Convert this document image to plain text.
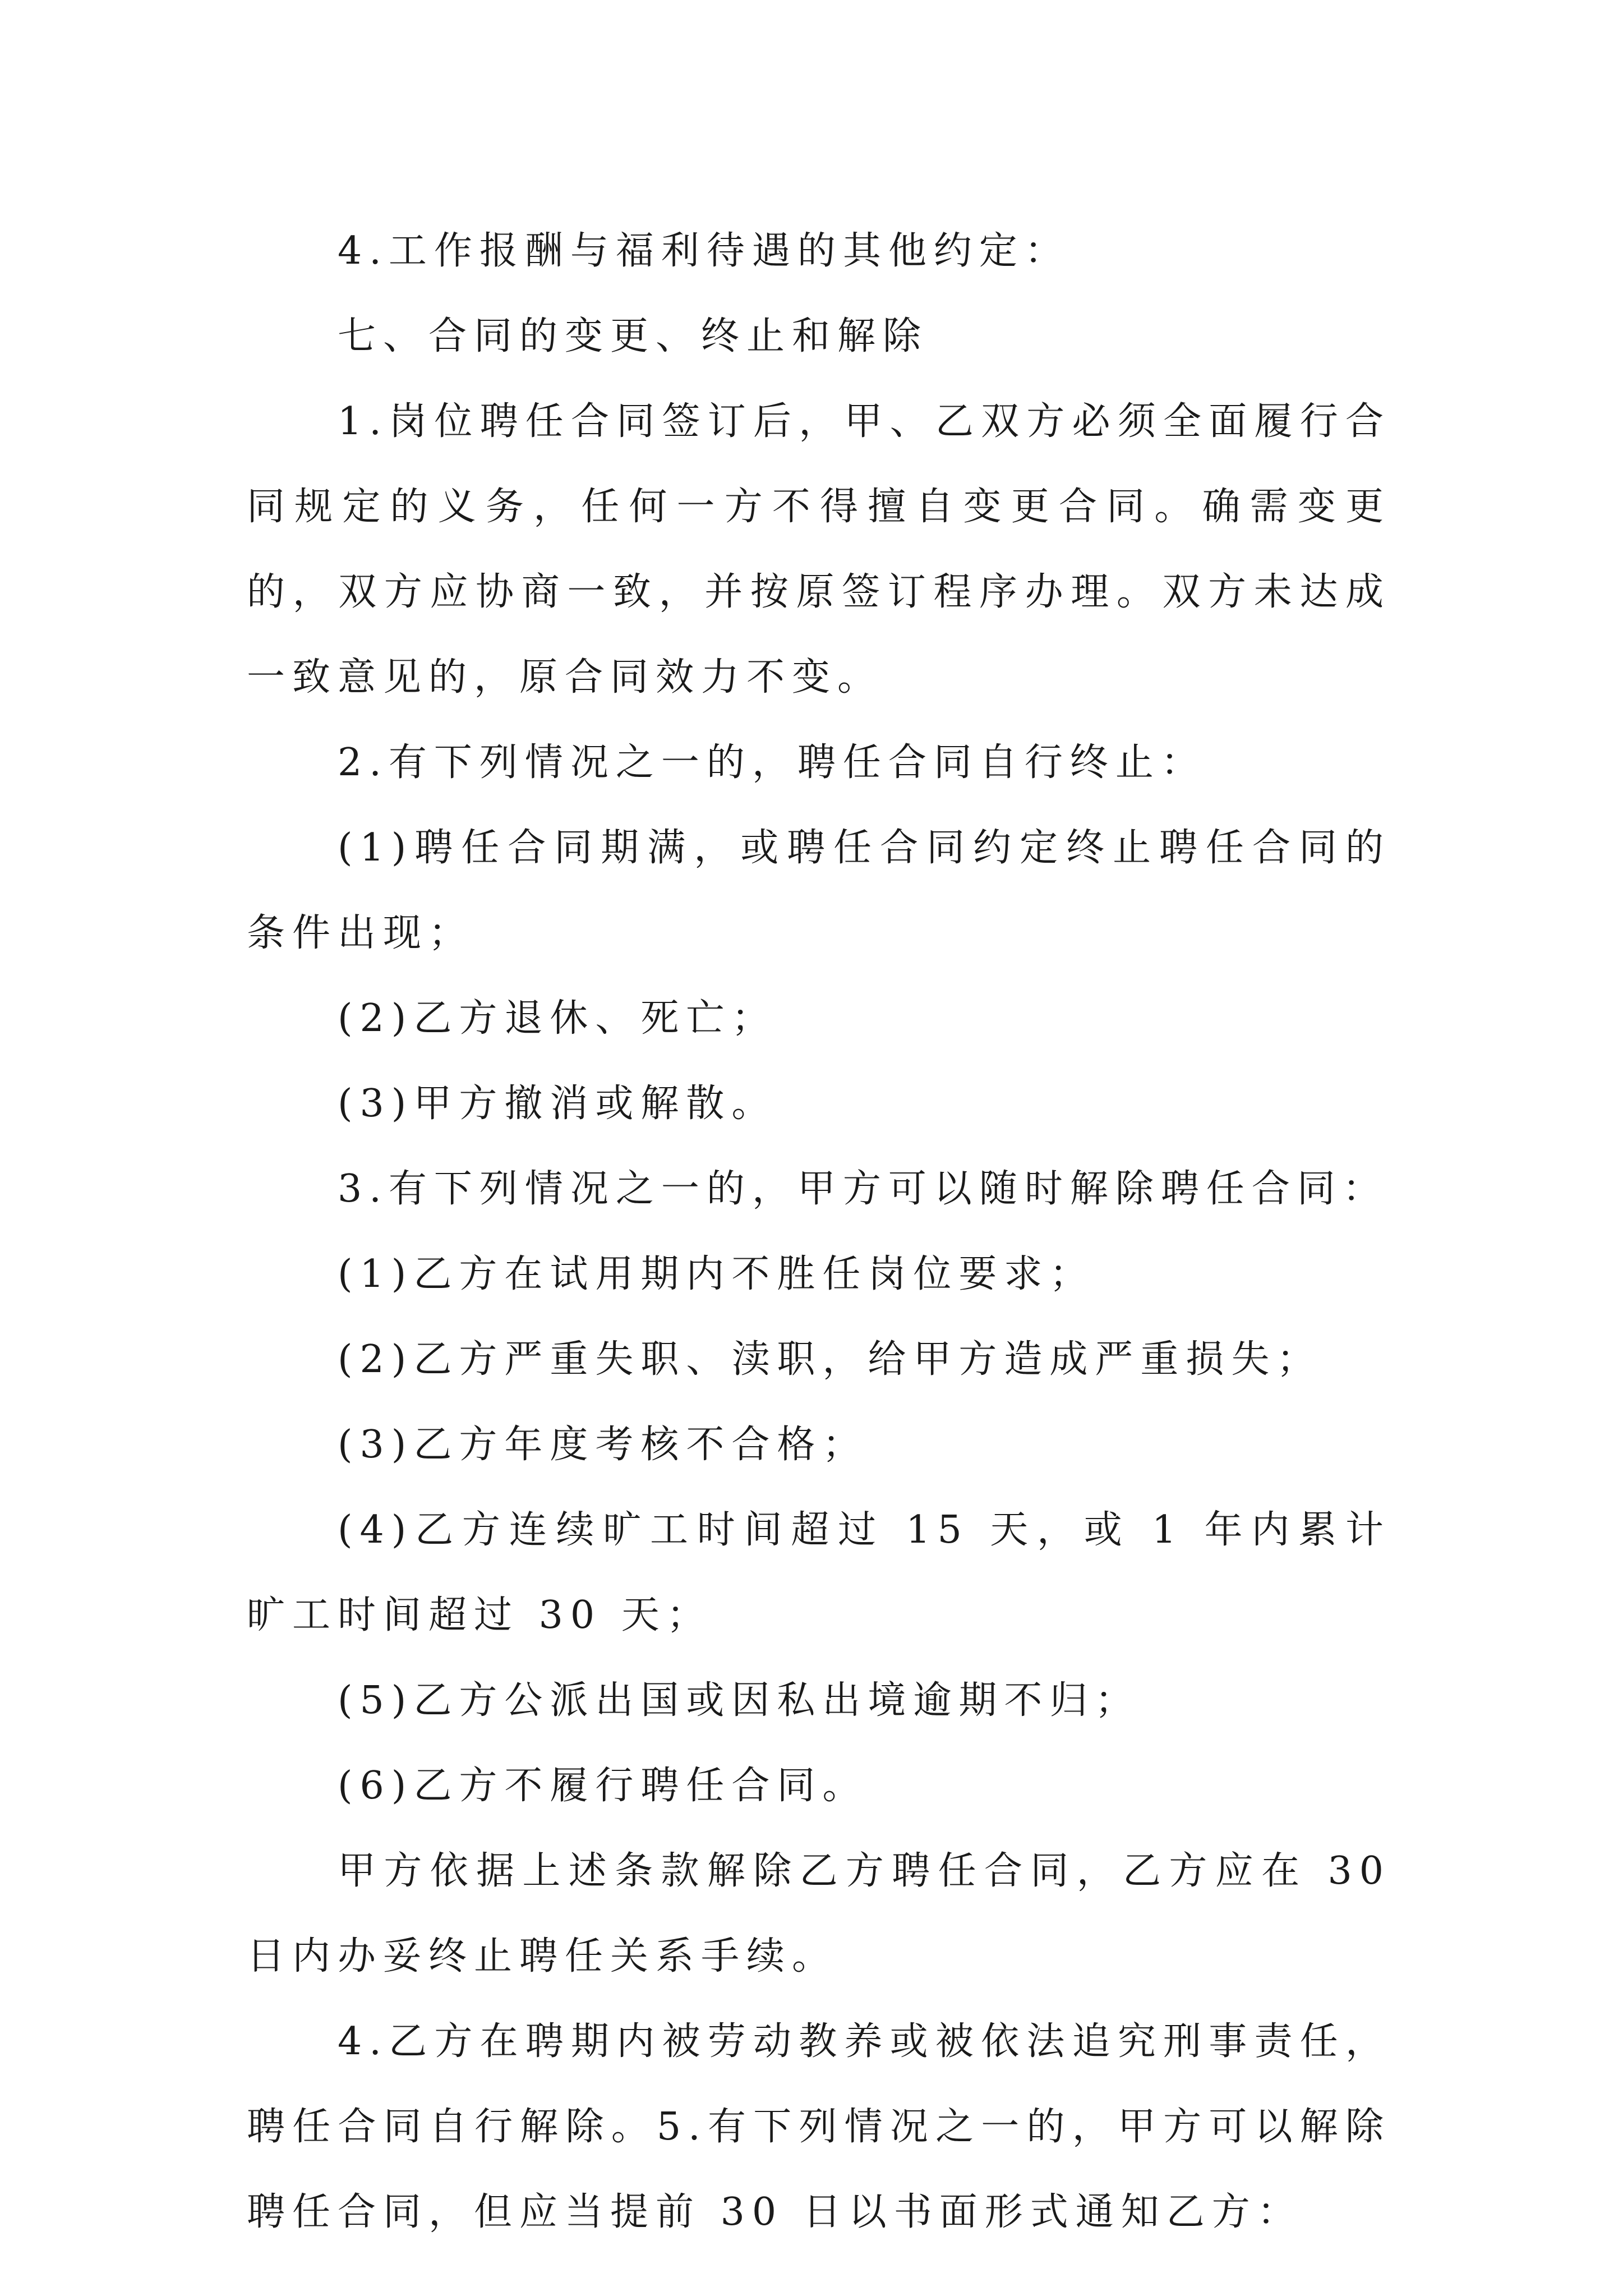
4.工作报酬与福利待遇的其他约定：

七、合同的变更、终止和解除

1.岗位聘任合同签订后，甲、乙双方必须全面履行合同规定的义务，任何一方不得擅自变更合同。确需变更的，双方应协商一致，并按原签订程序办理。双方未达成一致意见的，原合同效力不变。

2.有下列情况之一的，聘任合同自行终止：

(1)聘任合同期满，或聘任合同约定终止聘任合同的条件出现；

(2)乙方退休、死亡；

(3)甲方撤消或解散。

3.有下列情况之一的，甲方可以随时解除聘任合同：

(1)乙方在试用期内不胜任岗位要求；

(2)乙方严重失职、渎职，给甲方造成严重损失；

(3)乙方年度考核不合格；

(4)乙方连续旷工时间超过 15 天，或 1 年内累计旷工时间超过 30 天；

(5)乙方公派出国或因私出境逾期不归；

(6)乙方不履行聘任合同。

甲方依据上述条款解除乙方聘任合同，乙方应在 30 日内办妥终止聘任关系手续。

4.乙方在聘期内被劳动教养或被依法追究刑事责任，聘任合同自行解除。5.有下列情况之一的，甲方可以解除聘任合同，但应当提前 30 日以书面形式通知乙方：
